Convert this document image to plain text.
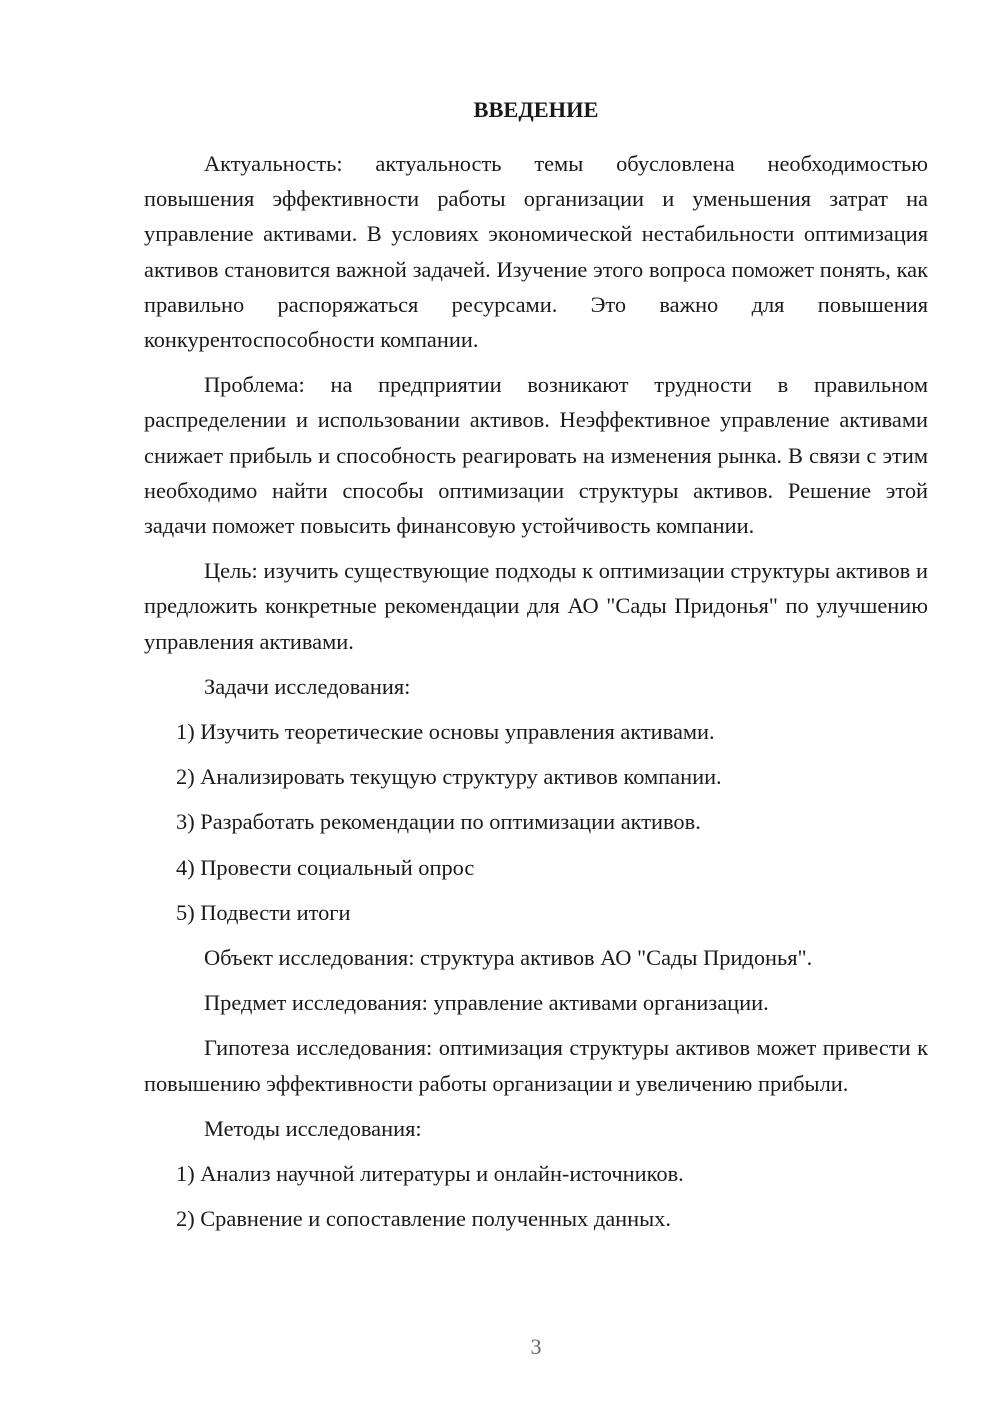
ВВЕДЕНИЕ

Актуальность: актуальность темы обусловлена необходимостью повышения эффективности работы организации и уменьшения затрат на управление активами. В условиях экономической нестабильности оптимизация активов становится важной задачей. Изучение этого вопроса поможет понять, как правильно распоряжаться ресурсами. Это важно для повышения конкурентоспособности компании.

Проблема: на предприятии возникают трудности в правильном распределении и использовании активов. Неэффективное управление активами снижает прибыль и способность реагировать на изменения рынка. В связи с этим необходимо найти способы оптимизации структуры активов. Решение этой задачи поможет повысить финансовую устойчивость компании.

Цель: изучить существующие подходы к оптимизации структуры активов и предложить конкретные рекомендации для АО "Сады Придонья" по улучшению управления активами.

Задачи исследования:

1) Изучить теоретические основы управления активами.

2) Анализировать текущую структуру активов компании.

3) Разработать рекомендации по оптимизации активов.

4) Провести социальный опрос

5) Подвести итоги

Объект исследования: структура активов АО "Сады Придонья".

Предмет исследования: управление активами организации.

Гипотеза исследования: оптимизация структуры активов может привести к повышению эффективности работы организации и увеличению прибыли.

Методы исследования:

1) Анализ научной литературы и онлайн-источников.

2) Сравнение и сопоставление полученных данных.

3
